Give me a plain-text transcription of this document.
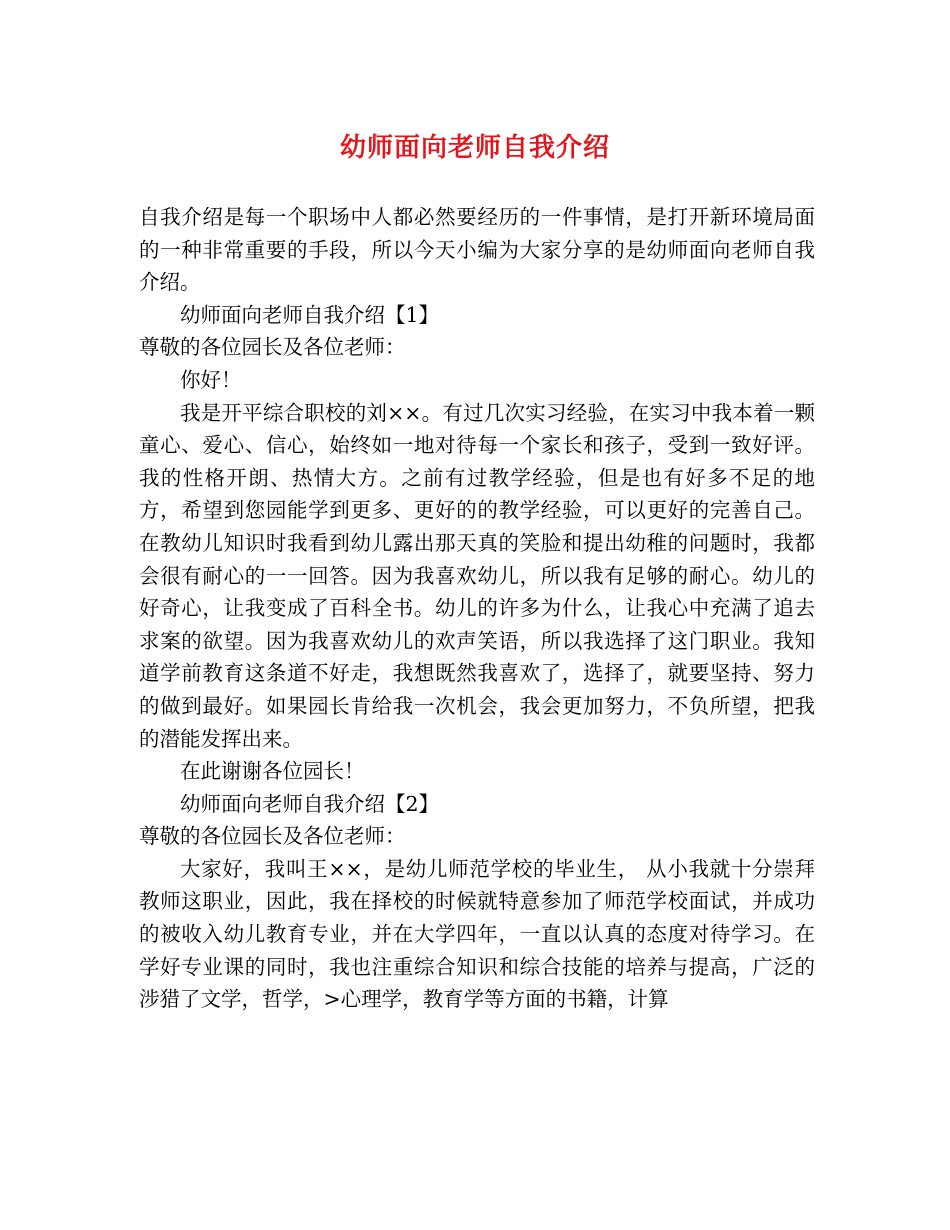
幼师面向老师自我介绍

自我介绍是每一个职场中人都必然要经历的一件事情，是打开新环境局面的一种非常重要的手段，所以今天小编为大家分享的是幼师面向老师自我介绍。

幼师面向老师自我介绍【1】

尊敬的各位园长及各位老师：

你好！

我是开平综合职校的刘××。有过几次实习经验，在实习中我本着一颗童心、爱心、信心，始终如一地对待每一个家长和孩子，受到一致好评。我的性格开朗、热情大方。之前有过教学经验，但是也有好多不足的地方，希望到您园能学到更多、更好的的教学经验，可以更好的完善自己。在教幼儿知识时我看到幼儿露出那天真的笑脸和提出幼稚的问题时，我都会很有耐心的一一回答。因为我喜欢幼儿，所以我有足够的耐心。幼儿的好奇心，让我变成了百科全书。幼儿的许多为什么，让我心中充满了追去求案的欲望。因为我喜欢幼儿的欢声笑语，所以我选择了这门职业。我知道学前教育这条道不好走，我想既然我喜欢了，选择了，就要坚持、努力的做到最好。如果园长肯给我一次机会，我会更加努力，不负所望，把我的潜能发挥出来。

在此谢谢各位园长！

幼师面向老师自我介绍【2】

尊敬的各位园长及各位老师：

大家好，我叫王××，是幼儿师范学校的毕业生， 从小我就十分崇拜教师这职业，因此，我在择校的时候就特意参加了师范学校面试，并成功的被收入幼儿教育专业，并在大学四年，一直以认真的态度对待学习。在学好专业课的同时，我也注重综合知识和综合技能的培养与提高，广泛的涉猎了文学，哲学，>心理学，教育学等方面的书籍，计算
